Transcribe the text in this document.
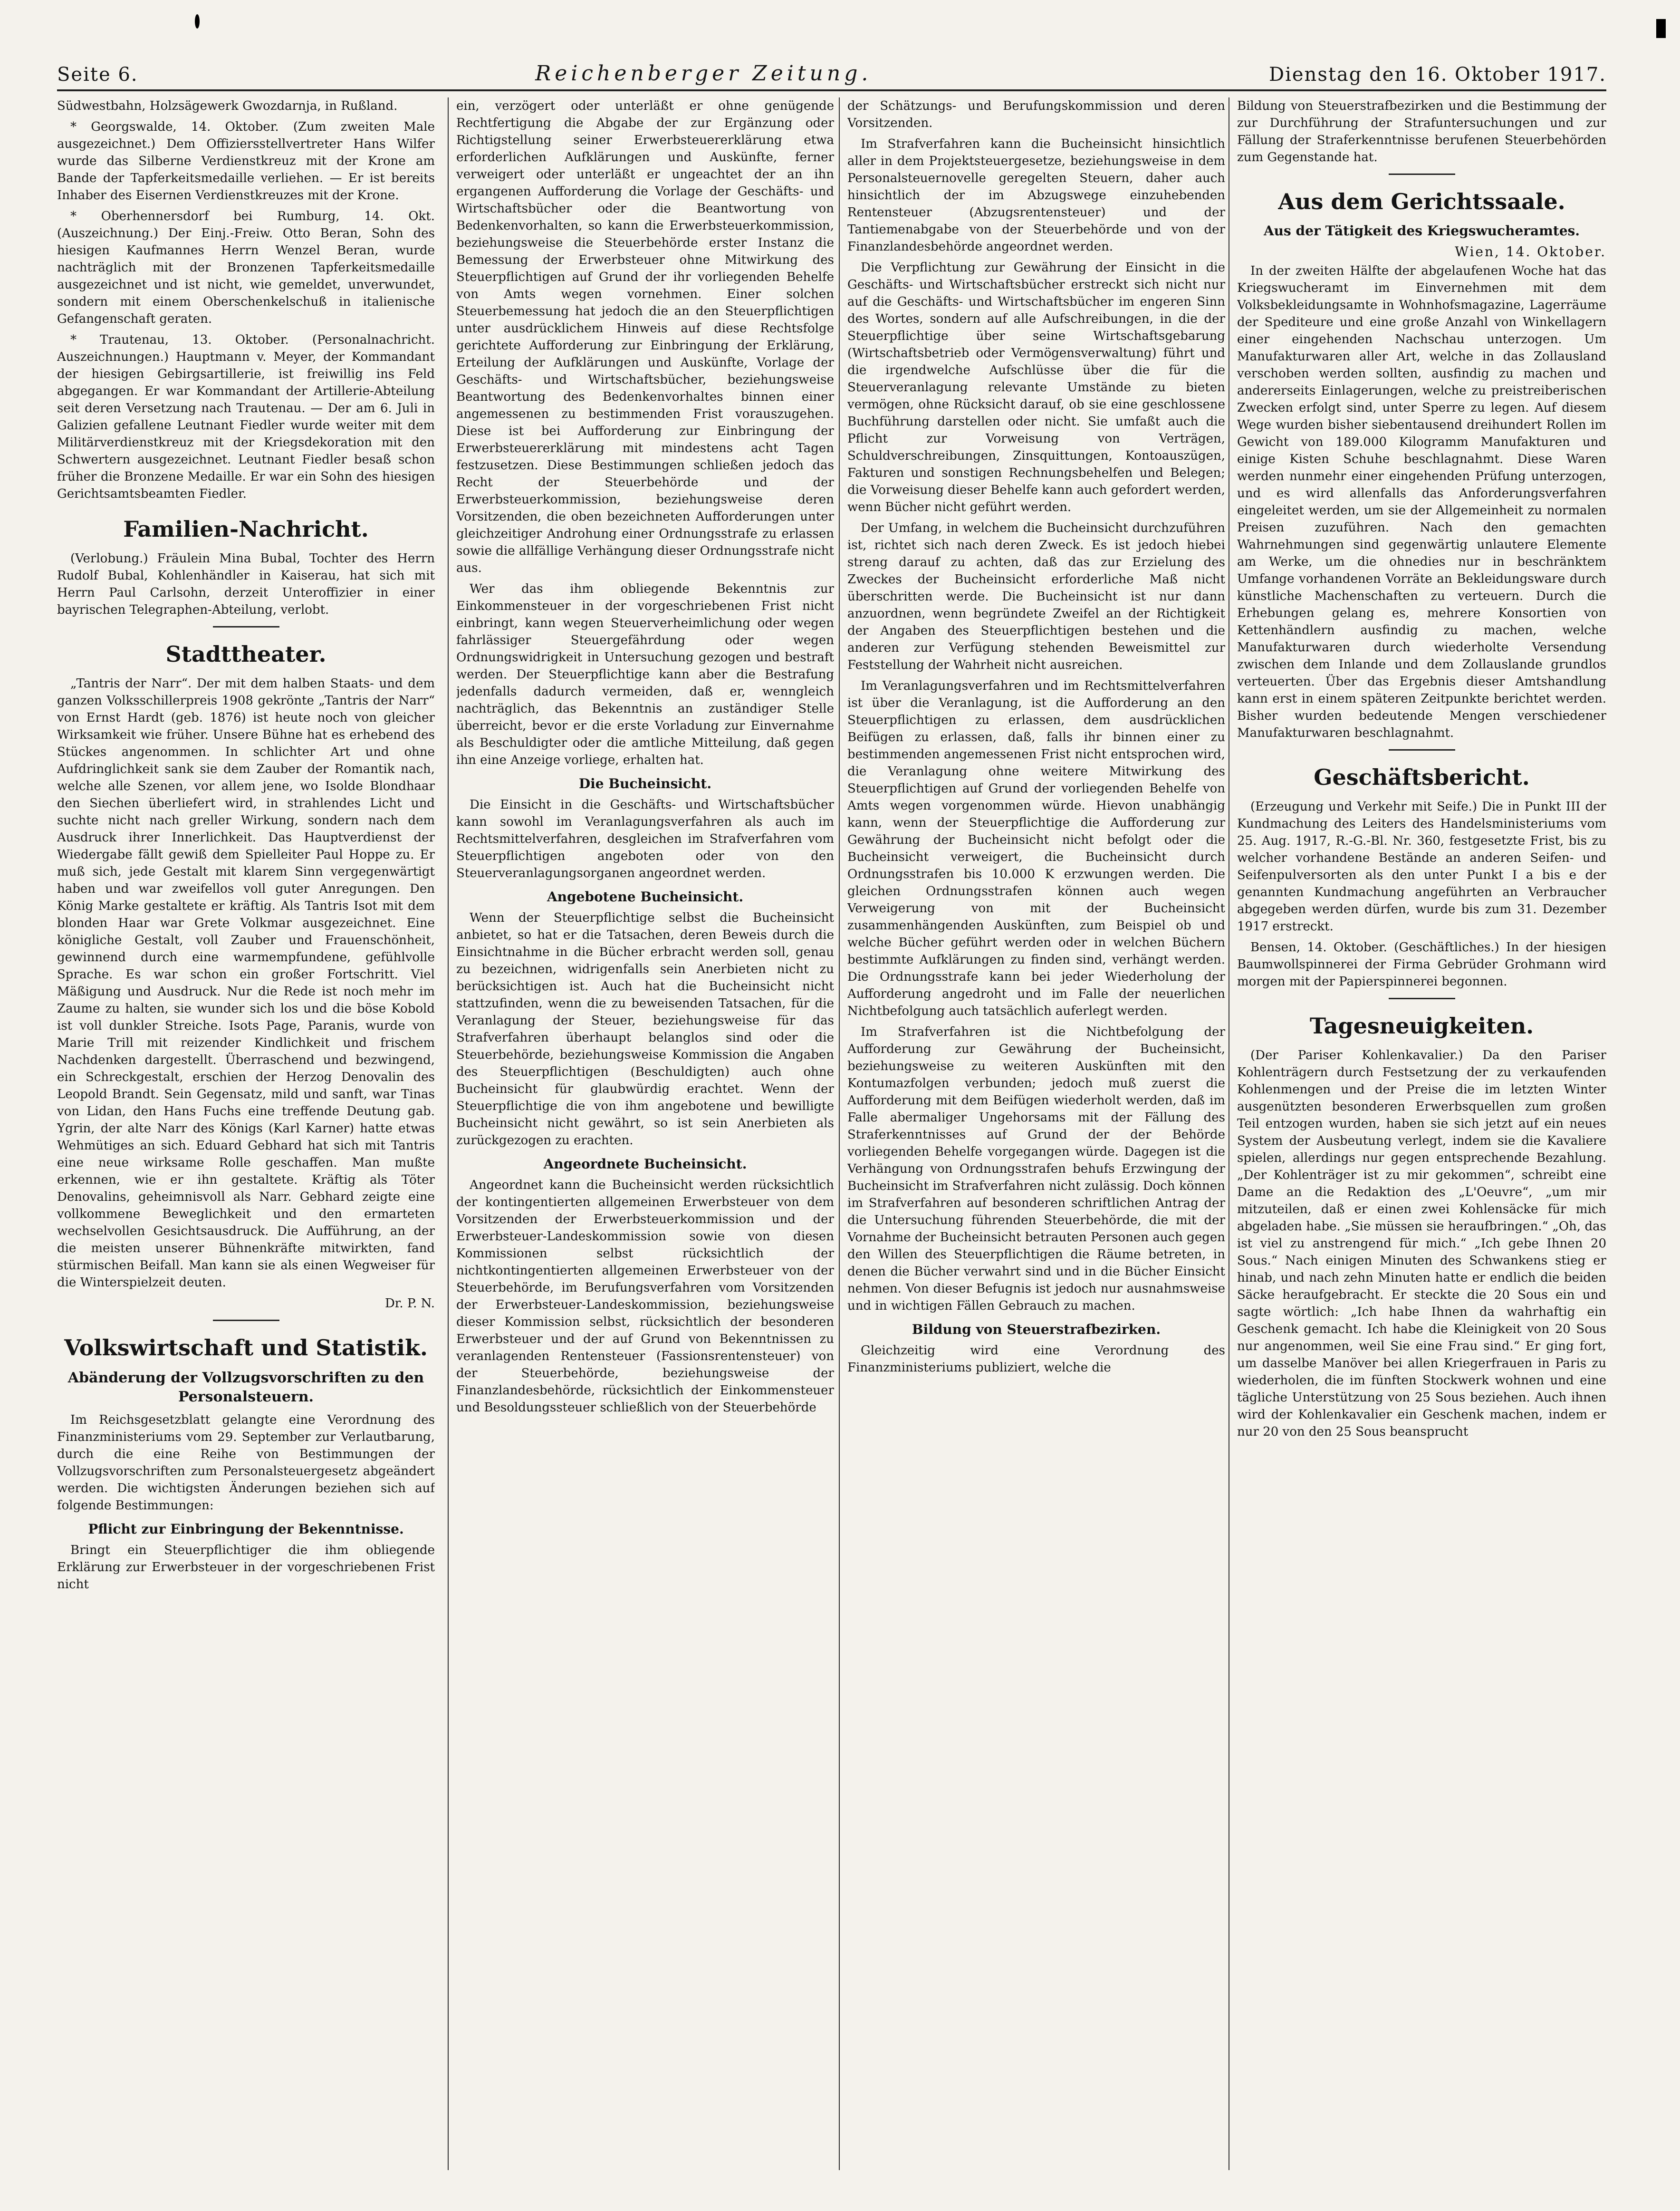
Seite 6.	Reichenberger Zeitung.	Dienstag den 16. Oktober 1917.

Südwestbahn, Holzsägewerk Gwozdarnja, in Rußland.

* Georgswalde, 14. Oktober. (Zum zweiten Male ausgezeichnet.) Dem Offiziersstellvertreter Hans Wilfer wurde das Silberne Verdienstkreuz mit der Krone am Bande der Tapferkeitsmedaille verliehen. — Er ist bereits Inhaber des Eisernen Verdienstkreuzes mit der Krone.

* Oberhennersdorf bei Rumburg, 14. Okt. (Auszeichnung.) Der Einj.-Freiw. Otto Beran, Sohn des hiesigen Kaufmannes Herrn Wenzel Beran, wurde nachträglich mit der Bronzenen Tapferkeitsmedaille ausgezeichnet und ist nicht, wie gemeldet, unverwundet, sondern mit einem Oberschenkelschuß in italienische Gefangenschaft geraten.

* Trautenau, 13. Oktober. (Personalnachricht. Auszeichnungen.) Hauptmann v. Meyer, der Kommandant der hiesigen Gebirgsartillerie, ist freiwillig ins Feld abgegangen. Er war Kommandant der Artillerie-Abteilung seit deren Versetzung nach Trautenau. — Der am 6. Juli in Galizien gefallene Leutnant Fiedler wurde weiter mit dem Militärverdienstkreuz mit der Kriegsdekoration mit den Schwertern ausgezeichnet. Leutnant Fiedler besaß schon früher die Bronzene Medaille. Er war ein Sohn des hiesigen Gerichtsamtsbeamten Fiedler.

Familien-Nachricht.

(Verlobung.) Fräulein Mina Bubal, Tochter des Herrn Rudolf Bubal, Kohlenhändler in Kaiserau, hat sich mit Herrn Paul Carlsohn, derzeit Unteroffizier in einer bayrischen Telegraphen-Abteilung, verlobt.

Stadttheater.

„Tantris der Narr“. Der mit dem halben Staats- und dem ganzen Volksschillerpreis 1908 gekrönte „Tantris der Narr“ von Ernst Hardt (geb. 1876) ist heute noch von gleicher Wirksamkeit wie früher. Unsere Bühne hat es erhebend des Stückes angenommen. In schlichter Art und ohne Aufdringlichkeit sank sie dem Zauber der Romantik nach, welche alle Szenen, vor allem jene, wo Isolde Blondhaar den Siechen überliefert wird, in strahlendes Licht und suchte nicht nach greller Wirkung, sondern nach dem Ausdruck ihrer Innerlichkeit. Das Hauptverdienst der Wiedergabe fällt gewiß dem Spielleiter Paul Hoppe zu. Er muß sich, jede Gestalt mit klarem Sinn vergegenwärtigt haben und war zweifellos voll guter Anregungen. Den König Marke gestaltete er kräftig. Als Tantris Isot mit dem blonden Haar war Grete Volkmar ausgezeichnet. Eine königliche Gestalt, voll Zauber und Frauenschönheit, gewinnend durch eine warmempfundene, gefühlvolle Sprache. Es war schon ein großer Fortschritt. Viel Mäßigung und Ausdruck. Nur die Rede ist noch mehr im Zaume zu halten, sie wunder sich los und die böse Kobold ist voll dunkler Streiche. Isots Page, Paranis, wurde von Marie Trill mit reizender Kindlichkeit und frischem Nachdenken dargestellt. Überraschend und bezwingend, ein Schreckgestalt, erschien der Herzog Denovalin des Leopold Brandt. Sein Gegensatz, mild und sanft, war Tinas von Lidan, den Hans Fuchs eine treffende Deutung gab. Ygrin, der alte Narr des Königs (Karl Karner) hatte etwas Wehmütiges an sich. Eduard Gebhard hat sich mit Tantris eine neue wirksame Rolle geschaffen. Man mußte erkennen, wie er ihn gestaltete. Kräftig als Töter Denovalins, geheimnisvoll als Narr. Gebhard zeigte eine vollkommene Beweglichkeit und den ermarteten wechselvollen Gesichtsausdruck. Die Aufführung, an der die meisten unserer Bühnenkräfte mitwirkten, fand stürmischen Beifall. Man kann sie als einen Wegweiser für die Winterspielzeit deuten.

Dr. P. N.
Volkswirtschaft und Statistik.
Abänderung der Vollzugsvorschriften zu den Personalsteuern.

Im Reichsgesetzblatt gelangte eine Verordnung des Finanzministeriums vom 29. September zur Verlautbarung, durch die eine Reihe von Bestimmungen der Vollzugsvorschriften zum Personalsteuergesetz abgeändert werden. Die wichtigsten Änderungen beziehen sich auf folgende Bestimmungen:

Pflicht zur Einbringung der Bekenntnisse.

Bringt ein Steuerpflichtiger die ihm obliegende Erklärung zur Erwerbsteuer in der vorgeschriebenen Frist nicht

ein, verzögert oder unterläßt er ohne genügende Rechtfertigung die Abgabe der zur Ergänzung oder Richtigstellung seiner Erwerbsteuererklärung etwa erforderlichen Aufklärungen und Auskünfte, ferner verweigert oder unterläßt er ungeachtet der an ihn ergangenen Aufforderung die Vorlage der Geschäfts- und Wirtschaftsbücher oder die Beantwortung von Bedenkenvorhalten, so kann die Erwerbsteuerkommission, beziehungsweise die Steuerbehörde erster Instanz die Bemessung der Erwerbsteuer ohne Mitwirkung des Steuerpflichtigen auf Grund der ihr vorliegenden Behelfe von Amts wegen vornehmen. Einer solchen Steuerbemessung hat jedoch die an den Steuerpflichtigen unter ausdrücklichem Hinweis auf diese Rechtsfolge gerichtete Aufforderung zur Einbringung der Erklärung, Erteilung der Aufklärungen und Auskünfte, Vorlage der Geschäfts- und Wirtschaftsbücher, beziehungsweise Beantwortung des Bedenkenvorhaltes binnen einer angemessenen zu bestimmenden Frist vorauszugehen. Diese ist bei Aufforderung zur Einbringung der Erwerbsteuererklärung mit mindestens acht Tagen festzusetzen. Diese Bestimmungen schließen jedoch das Recht der Steuerbehörde und der Erwerbsteuerkommission, beziehungsweise deren Vorsitzenden, die oben bezeichneten Aufforderungen unter gleichzeitiger Androhung einer Ordnungsstrafe zu erlassen sowie die allfällige Verhängung dieser Ordnungsstrafe nicht aus.

Wer das ihm obliegende Bekenntnis zur Einkommensteuer in der vorgeschriebenen Frist nicht einbringt, kann wegen Steuerverheimlichung oder wegen fahrlässiger Steuergefährdung oder wegen Ordnungswidrigkeit in Untersuchung gezogen und bestraft werden. Der Steuerpflichtige kann aber die Bestrafung jedenfalls dadurch vermeiden, daß er, wenngleich nachträglich, das Bekenntnis an zuständiger Stelle überreicht, bevor er die erste Vorladung zur Einvernahme als Beschuldigter oder die amtliche Mitteilung, daß gegen ihn eine Anzeige vorliege, erhalten hat.

Die Bucheinsicht.

Die Einsicht in die Geschäfts- und Wirtschaftsbücher kann sowohl im Veranlagungsverfahren als auch im Rechtsmittelverfahren, desgleichen im Strafverfahren vom Steuerpflichtigen angeboten oder von den Steuerveranlagungsorganen angeordnet werden.

Angebotene Bucheinsicht.

Wenn der Steuerpflichtige selbst die Bucheinsicht anbietet, so hat er die Tatsachen, deren Beweis durch die Einsichtnahme in die Bücher erbracht werden soll, genau zu bezeichnen, widrigenfalls sein Anerbieten nicht zu berücksichtigen ist. Auch hat die Bucheinsicht nicht stattzufinden, wenn die zu beweisenden Tatsachen, für die Veranlagung der Steuer, beziehungsweise für das Strafverfahren überhaupt belanglos sind oder die Steuerbehörde, beziehungsweise Kommission die Angaben des Steuerpflichtigen (Beschuldigten) auch ohne Bucheinsicht für glaubwürdig erachtet. Wenn der Steuerpflichtige die von ihm angebotene und bewilligte Bucheinsicht nicht gewährt, so ist sein Anerbieten als zurückgezogen zu erachten.

Angeordnete Bucheinsicht.

Angeordnet kann die Bucheinsicht werden rücksichtlich der kontingentierten allgemeinen Erwerbsteuer von dem Vorsitzenden der Erwerbsteuerkommission und der Erwerbsteuer-Landeskommission sowie von diesen Kommissionen selbst rücksichtlich der nichtkontingentierten allgemeinen Erwerbsteuer von der Steuerbehörde, im Berufungsverfahren vom Vorsitzenden der Erwerbsteuer-Landeskommission, beziehungsweise dieser Kommission selbst, rücksichtlich der besonderen Erwerbsteuer und der auf Grund von Bekenntnissen zu veranlagenden Rentensteuer (Fassionsrentensteuer) von der Steuerbehörde, beziehungsweise der Finanzlandesbehörde, rücksichtlich der Einkommensteuer und Besoldungssteuer schließlich von der Steuerbehörde

der Schätzungs- und Berufungskommission und deren Vorsitzenden.

Im Strafverfahren kann die Bucheinsicht hinsichtlich aller in dem Projektsteuergesetze, beziehungsweise in dem Personalsteuernovelle geregelten Steuern, daher auch hinsichtlich der im Abzugswege einzuhebenden Rentensteuer (Abzugsrentensteuer) und der Tantiemenabgabe von der Steuerbehörde und von der Finanzlandesbehörde angeordnet werden.

Die Verpflichtung zur Gewährung der Einsicht in die Geschäfts- und Wirtschaftsbücher erstreckt sich nicht nur auf die Geschäfts- und Wirtschaftsbücher im engeren Sinn des Wortes, sondern auf alle Aufschreibungen, in die der Steuerpflichtige über seine Wirtschaftsgebarung (Wirtschaftsbetrieb oder Vermögensverwaltung) führt und die irgendwelche Aufschlüsse über die für die Steuerveranlagung relevante Umstände zu bieten vermögen, ohne Rücksicht darauf, ob sie eine geschlossene Buchführung darstellen oder nicht. Sie umfaßt auch die Pflicht zur Vorweisung von Verträgen, Schuldverschreibungen, Zinsquittungen, Kontoauszügen, Fakturen und sonstigen Rechnungsbehelfen und Belegen; die Vorweisung dieser Behelfe kann auch gefordert werden, wenn Bücher nicht geführt werden.

Der Umfang, in welchem die Bucheinsicht durchzuführen ist, richtet sich nach deren Zweck. Es ist jedoch hiebei streng darauf zu achten, daß das zur Erzielung des Zweckes der Bucheinsicht erforderliche Maß nicht überschritten werde. Die Bucheinsicht ist nur dann anzuordnen, wenn begründete Zweifel an der Richtigkeit der Angaben des Steuerpflichtigen bestehen und die anderen zur Verfügung stehenden Beweismittel zur Feststellung der Wahrheit nicht ausreichen.

Im Veranlagungsverfahren und im Rechtsmittelverfahren ist über die Veranlagung, ist die Aufforderung an den Steuerpflichtigen zu erlassen, dem ausdrücklichen Beifügen zu erlassen, daß, falls ihr binnen einer zu bestimmenden angemessenen Frist nicht entsprochen wird, die Veranlagung ohne weitere Mitwirkung des Steuerpflichtigen auf Grund der vorliegenden Behelfe von Amts wegen vorgenommen würde. Hievon unabhängig kann, wenn der Steuerpflichtige die Aufforderung zur Gewährung der Bucheinsicht nicht befolgt oder die Bucheinsicht verweigert, die Bucheinsicht durch Ordnungsstrafen bis 10.000 K erzwungen werden. Die gleichen Ordnungsstrafen können auch wegen Verweigerung von mit der Bucheinsicht zusammenhängenden Auskünften, zum Beispiel ob und welche Bücher geführt werden oder in welchen Büchern bestimmte Aufklärungen zu finden sind, verhängt werden. Die Ordnungsstrafe kann bei jeder Wiederholung der Aufforderung angedroht und im Falle der neuerlichen Nichtbefolgung auch tatsächlich auferlegt werden.

Im Strafverfahren ist die Nichtbefolgung der Aufforderung zur Gewährung der Bucheinsicht, beziehungsweise zu weiteren Auskünften mit den Kontumazfolgen verbunden; jedoch muß zuerst die Aufforderung mit dem Beifügen wiederholt werden, daß im Falle abermaliger Ungehorsams mit der Fällung des Straferkenntnisses auf Grund der der Behörde vorliegenden Behelfe vorgegangen würde. Dagegen ist die Verhängung von Ordnungsstrafen behufs Erzwingung der Bucheinsicht im Strafverfahren nicht zulässig. Doch können im Strafverfahren auf besonderen schriftlichen Antrag der die Untersuchung führenden Steuerbehörde, die mit der Vornahme der Bucheinsicht betrauten Personen auch gegen den Willen des Steuerpflichtigen die Räume betreten, in denen die Bücher verwahrt sind und in die Bücher Einsicht nehmen. Von dieser Befugnis ist jedoch nur ausnahmsweise und in wichtigen Fällen Gebrauch zu machen.

Bildung von Steuerstrafbezirken.

Gleichzeitig wird eine Verordnung des Finanzministeriums publiziert, welche die

Bildung von Steuerstrafbezirken und die Bestimmung der zur Durchführung der Strafuntersuchungen und zur Fällung der Straferkenntnisse berufenen Steuerbehörden zum Gegenstande hat.

Aus dem Gerichtssaale.
Aus der Tätigkeit des Kriegswucheramtes.
Wien, 14. Oktober.

In der zweiten Hälfte der abgelaufenen Woche hat das Kriegswucheramt im Einvernehmen mit dem Volksbekleidungsamte in Wohnhofsmagazine, Lagerräume der Spediteure und eine große Anzahl von Winkellagern einer eingehenden Nachschau unterzogen. Um Manufakturwaren aller Art, welche in das Zollausland verschoben werden sollten, ausfindig zu machen und andererseits Einlagerungen, welche zu preistreiberischen Zwecken erfolgt sind, unter Sperre zu legen. Auf diesem Wege wurden bisher siebentausend dreihundert Rollen im Gewicht von 189.000 Kilogramm Manufakturen und einige Kisten Schuhe beschlagnahmt. Diese Waren werden nunmehr einer eingehenden Prüfung unterzogen, und es wird allenfalls das Anforderungsverfahren eingeleitet werden, um sie der Allgemeinheit zu normalen Preisen zuzuführen. Nach den gemachten Wahrnehmungen sind gegenwärtig unlautere Elemente am Werke, um die ohnedies nur in beschränktem Umfange vorhandenen Vorräte an Bekleidungsware durch künstliche Machenschaften zu verteuern. Durch die Erhebungen gelang es, mehrere Konsortien von Kettenhändlern ausfindig zu machen, welche Manufakturwaren durch wiederholte Versendung zwischen dem Inlande und dem Zollauslande grundlos verteuerten. Über das Ergebnis dieser Amtshandlung kann erst in einem späteren Zeitpunkte berichtet werden. Bisher wurden bedeutende Mengen verschiedener Manufakturwaren beschlagnahmt.

Geschäftsbericht.

(Erzeugung und Verkehr mit Seife.) Die in Punkt III der Kundmachung des Leiters des Handelsministeriums vom 25. Aug. 1917, R.-G.-Bl. Nr. 360, festgesetzte Frist, bis zu welcher vorhandene Bestände an anderen Seifen- und Seifenpulversorten als den unter Punkt I a bis e der genannten Kundmachung angeführten an Verbraucher abgegeben werden dürfen, wurde bis zum 31. Dezember 1917 erstreckt.

Bensen, 14. Oktober. (Geschäftliches.) In der hiesigen Baumwollspinnerei der Firma Gebrüder Grohmann wird morgen mit der Papierspinnerei begonnen.

Tagesneuigkeiten.

(Der Pariser Kohlenkavalier.) Da den Pariser Kohlenträgern durch Festsetzung der zu verkaufenden Kohlenmengen und der Preise die im letzten Winter ausgenützten besonderen Erwerbsquellen zum großen Teil entzogen wurden, haben sie sich jetzt auf ein neues System der Ausbeutung verlegt, indem sie die Kavaliere spielen, allerdings nur gegen entsprechende Bezahlung. „Der Kohlenträger ist zu mir gekommen“, schreibt eine Dame an die Redaktion des „L'Oeuvre“, „um mir mitzuteilen, daß er einen zwei Kohlensäcke für mich abgeladen habe. „Sie müssen sie heraufbringen.“ „Oh, das ist viel zu anstrengend für mich.“ „Ich gebe Ihnen 20 Sous.“ Nach einigen Minuten des Schwankens stieg er hinab, und nach zehn Minuten hatte er endlich die beiden Säcke heraufgebracht. Er steckte die 20 Sous ein und sagte wörtlich: „Ich habe Ihnen da wahrhaftig ein Geschenk gemacht. Ich habe die Kleinigkeit von 20 Sous nur angenommen, weil Sie eine Frau sind.“ Er ging fort, um dasselbe Manöver bei allen Kriegerfrauen in Paris zu wiederholen, die im fünften Stockwerk wohnen und eine tägliche Unterstützung von 25 Sous beziehen. Auch ihnen wird der Kohlenkavalier ein Geschenk machen, indem er nur 20 von den 25 Sous beansprucht
